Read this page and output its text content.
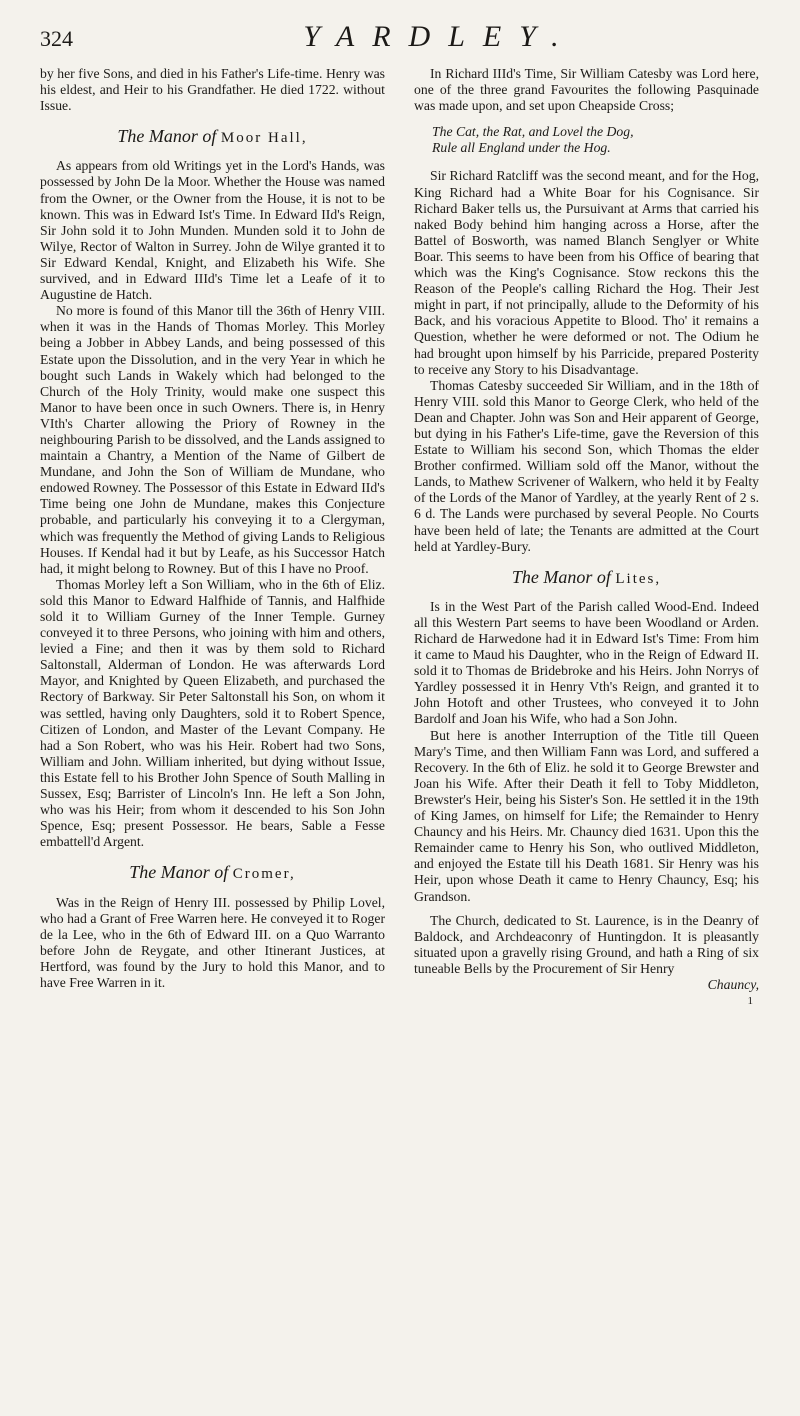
324	YARDLEY.

by her five Sons, and died in his Father's Life-time. Henry was his eldest, and Heir to his Grandfather. He died 1722. without Issue.

The Manor of Moor Hall,

As appears from old Writings yet in the Lord's Hands, was possessed by John De la Moor. Whether the House was named from the Owner, or the Owner from the House, it is not to be known. This was in Edward Ist's Time. In Edward IId's Reign, Sir John sold it to John Munden. Munden sold it to John de Wilye, Rector of Walton in Surrey. John de Wilye granted it to Sir Edward Kendal, Knight, and Elizabeth his Wife. She survived, and in Edward IIId's Time let a Leafe of it to Augustine de Hatch.

No more is found of this Manor till the 36th of Henry VIII. when it was in the Hands of Thomas Morley. This Morley being a Jobber in Abbey Lands, and being possessed of this Estate upon the Dissolution, and in the very Year in which he bought such Lands in Wakely which had belonged to the Church of the Holy Trinity, would make one suspect this Manor to have been once in such Owners. There is, in Henry VIth's Charter allowing the Priory of Rowney in the neighbouring Parish to be dissolved, and the Lands assigned to maintain a Chantry, a Mention of the Name of Gilbert de Mundane, and John the Son of William de Mundane, who endowed Rowney. The Possessor of this Estate in Edward IId's Time being one John de Mundane, makes this Conjecture probable, and particularly his conveying it to a Clergyman, which was frequently the Method of giving Lands to Religious Houses. If Kendal had it but by Leafe, as his Successor Hatch had, it might belong to Rowney. But of this I have no Proof.

Thomas Morley left a Son William, who in the 6th of Eliz. sold this Manor to Edward Halfhide of Tannis, and Halfhide sold it to William Gurney of the Inner Temple. Gurney conveyed it to three Persons, who joining with him and others, levied a Fine; and then it was by them sold to Richard Saltonstall, Alderman of London. He was afterwards Lord Mayor, and Knighted by Queen Elizabeth, and purchased the Rectory of Barkway. Sir Peter Saltonstall his Son, on whom it was settled, having only Daughters, sold it to Robert Spence, Citizen of London, and Master of the Levant Company. He had a Son Robert, who was his Heir. Robert had two Sons, William and John. William inherited, but dying without Issue, this Estate fell to his Brother John Spence of South Malling in Sussex, Esq; Barrister of Lincoln's Inn. He left a Son John, who was his Heir; from whom it descended to his Son John Spence, Esq; present Possessor. He bears, Sable a Fesse embattell'd Argent.

The Manor of Cromer,

Was in the Reign of Henry III. possessed by Philip Lovel, who had a Grant of Free Warren here. He conveyed it to Roger de la Lee, who in the 6th of Edward III. on a Quo Warranto before John de Reygate, and other Itinerant Justices, at Hertford, was found by the Jury to hold this Manor, and to have Free Warren in it.

In Richard IIId's Time, Sir William Catesby was Lord here, one of the three grand Favourites the following Pasquinade was made upon, and set upon Cheapside Cross;

The Cat, the Rat, and Lovel the Dog,
Rule all England under the Hog.

Sir Richard Ratcliff was the second meant, and for the Hog, King Richard had a White Boar for his Cognisance. Sir Richard Baker tells us, the Pursuivant at Arms that carried his naked Body behind him hanging across a Horse, after the Battel of Bosworth, was named Blanch Senglyer or White Boar. This seems to have been from his Office of bearing that which was the King's Cognisance. Stow reckons this the Reason of the People's calling Richard the Hog. Their Jest might in part, if not principally, allude to the Deformity of his Back, and his voracious Appetite to Blood. Tho' it remains a Question, whether he were deformed or not. The Odium he had brought upon himself by his Parricide, prepared Posterity to receive any Story to his Disadvantage.

Thomas Catesby succeeded Sir William, and in the 18th of Henry VIII. sold this Manor to George Clerk, who held of the Dean and Chapter. John was Son and Heir apparent of George, but dying in his Father's Life-time, gave the Reversion of this Estate to William his second Son, which Thomas the elder Brother confirmed. William sold off the Manor, without the Lands, to Mathew Scrivener of Walkern, who held it by Fealty of the Lords of the Manor of Yardley, at the yearly Rent of 2 s. 6 d. The Lands were purchased by several People. No Courts have been held of late; the Tenants are admitted at the Court held at Yardley-Bury.

The Manor of Lites,

Is in the West Part of the Parish called Wood-End. Indeed all this Western Part seems to have been Woodland or Arden. Richard de Harwedone had it in Edward Ist's Time: From him it came to Maud his Daughter, who in the Reign of Edward II. sold it to Thomas de Bridebroke and his Heirs. John Norrys of Yardley possessed it in Henry Vth's Reign, and granted it to John Hotoft and other Trustees, who conveyed it to John Bardolf and Joan his Wife, who had a Son John.

But here is another Interruption of the Title till Queen Mary's Time, and then William Fann was Lord, and suffered a Recovery. In the 6th of Eliz. he sold it to George Brewster and Joan his Wife. After their Death it fell to Toby Middleton, Brewster's Heir, being his Sister's Son. He settled it in the 19th of King James, on himself for Life; the Remainder to Henry Chauncy and his Heirs. Mr. Chauncy died 1631. Upon this the Remainder came to Henry his Son, who outlived Middleton, and enjoyed the Estate till his Death 1681. Sir Henry was his Heir, upon whose Death it came to Henry Chauncy, Esq; his Grandson.

The Church, dedicated to St. Laurence, is in the Deanry of Baldock, and Archdeaconry of Huntingdon. It is pleasantly situated upon a gravelly rising Ground, and hath a Ring of six tuneable Bells by the Procurement of Sir Henry

Chauncy,
1
